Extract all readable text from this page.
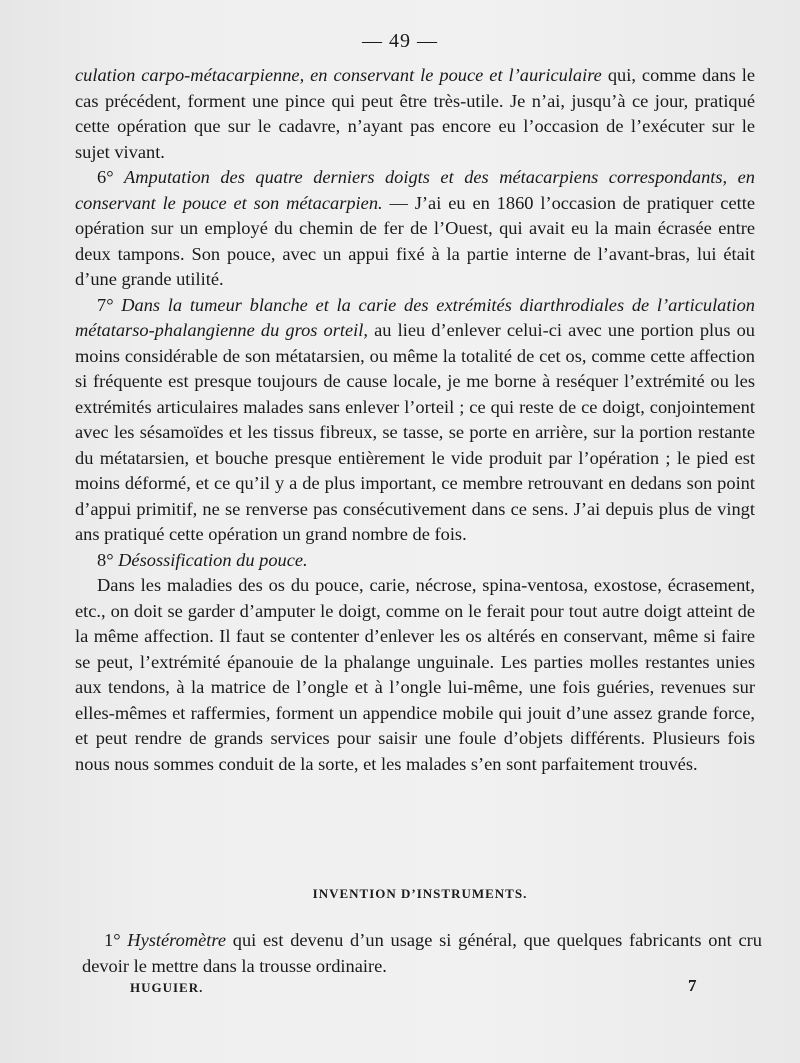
— 49 —

culation carpo-métacarpienne, en conservant le pouce et l’auriculaire qui, comme dans le cas précédent, forment une pince qui peut être très-utile. Je n’ai, jusqu’à ce jour, pratiqué cette opération que sur le cadavre, n’ayant pas encore eu l’occasion de l’exécuter sur le sujet vivant.

6° Amputation des quatre derniers doigts et des métacarpiens correspondants, en conservant le pouce et son métacarpien. — J’ai eu en 1860 l’occasion de pratiquer cette opération sur un employé du chemin de fer de l’Ouest, qui avait eu la main écrasée entre deux tampons. Son pouce, avec un appui fixé à la partie interne de l’avant-bras, lui était d’une grande utilité.

7° Dans la tumeur blanche et la carie des extrémités diarthrodiales de l’articulation métatarso-phalangienne du gros orteil, au lieu d’enlever celui-ci avec une portion plus ou moins considérable de son métatarsien, ou même la totalité de cet os, comme cette affection si fréquente est presque toujours de cause locale, je me borne à reséquer l’extrémité ou les extrémités articulaires malades sans enlever l’orteil ; ce qui reste de ce doigt, conjointement avec les sésamoïdes et les tissus fibreux, se tasse, se porte en arrière, sur la portion restante du métatarsien, et bouche presque entièrement le vide produit par l’opération ; le pied est moins déformé, et ce qu’il y a de plus important, ce membre retrouvant en dedans son point d’appui primitif, ne se renverse pas consécutivement dans ce sens. J’ai depuis plus de vingt ans pratiqué cette opération un grand nombre de fois.

8° Désossification du pouce.

Dans les maladies des os du pouce, carie, nécrose, spina-ventosa, exostose, écrasement, etc., on doit se garder d’amputer le doigt, comme on le ferait pour tout autre doigt atteint de la même affection. Il faut se contenter d’enlever les os altérés en conservant, même si faire se peut, l’extrémité épanouie de la phalange unguinale. Les parties molles restantes unies aux tendons, à la matrice de l’ongle et à l’ongle lui-même, une fois guéries, revenues sur elles-mêmes et raffermies, forment un appendice mobile qui jouit d’une assez grande force, et peut rendre de grands services pour saisir une foule d’objets différents. Plusieurs fois nous nous sommes conduit de la sorte, et les malades s’en sont parfaitement trouvés.

INVENTION D’INSTRUMENTS.

1° Hystéromètre qui est devenu d’un usage si général, que quelques fabricants ont cru devoir le mettre dans la trousse ordinaire.

HUGUIER.	7
